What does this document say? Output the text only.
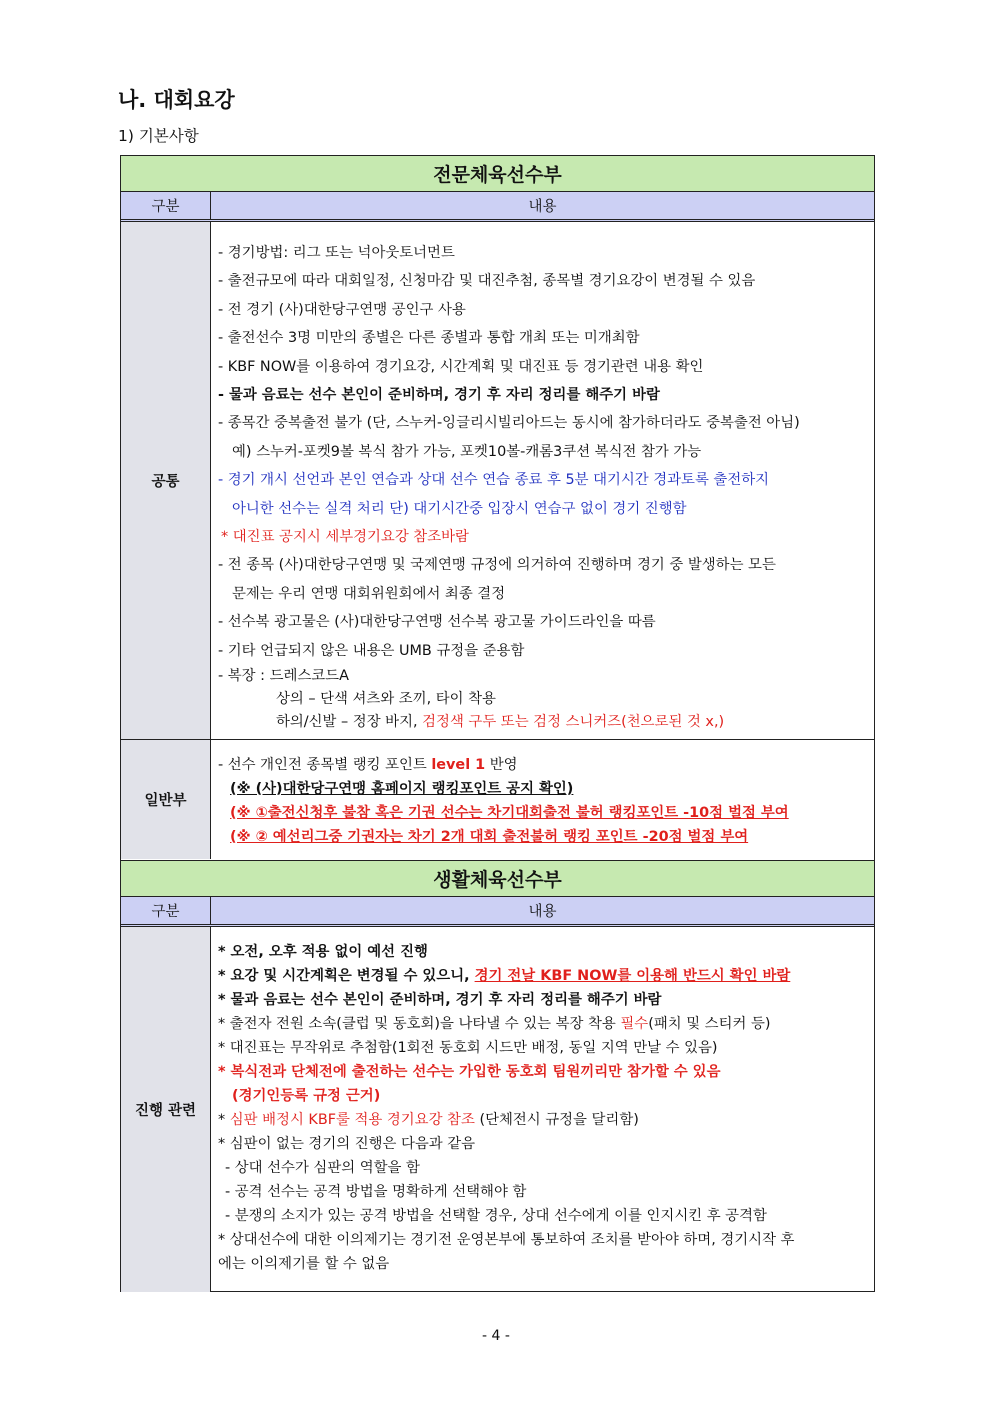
나. 대회요강
1) 기본사항
전문체육선수부
구분	내용
공통
- 경기방법: 리그 또는 넉아웃토너먼트
- 출전규모에 따라 대회일정, 신청마감 및 대진추첨, 종목별 경기요강이 변경될 수 있음
- 전 경기 (사)대한당구연맹 공인구 사용
- 출전선수 3명 미만의 종별은 다른 종별과 통합 개최 또는 미개최함
- KBF NOW를 이용하여 경기요강, 시간계획 및 대진표 등 경기관련 내용 확인
- 물과 음료는 선수 본인이 준비하며, 경기 후 자리 정리를 해주기 바람
- 종목간 중복출전 불가 (단, 스누커-잉글리시빌리아드는 동시에 참가하더라도 중복출전 아님)
예) 스누커-포켓9볼 복식 참가 가능, 포켓10볼-캐롬3쿠션 복식전 참가 가능
- 경기 개시 선언과 본인 연습과 상대 선수 연습 종료 후 5분 대기시간 경과토록 출전하지
아니한 선수는 실격 처리 단) 대기시간중 입장시 연습구 없이 경기 진행함
* 대진표 공지시 세부경기요강 참조바람
- 전 종목 (사)대한당구연맹 및 국제연맹 규정에 의거하여 진행하며 경기 중 발생하는 모든
문제는 우리 연맹 대회위원회에서 최종 결정
- 선수복 광고물은 (사)대한당구연맹 선수복 광고물 가이드라인을 따름
- 기타 언급되지 않은 내용은 UMB 규정을 준용함
- 복장 : 드레스코드A
상의 – 단색 셔츠와 조끼, 타이 착용
하의/신발 – 정장 바지, 검정색 구두 또는 검정 스니커즈(천으로된 것 x,)
일반부
- 선수 개인전 종목별 랭킹 포인트 level 1 반영
(※ (사)대한당구연맹 홈페이지 랭킹포인트 공지 확인)
(※ ①출전신청후 불참 혹은 기권 선수는 차기대회출전 불허 랭킹포인트 -10점 벌점 부여
(※ ② 예선리그중 기권자는 차기 2개 대회 출전불허 랭킹 포인트 -20점 벌점 부여
생활체육선수부
구분	내용
진행 관련
* 오전, 오후 적용 없이 예선 진행
* 요강 및 시간계획은 변경될 수 있으니, 경기 전날 KBF NOW를 이용해 반드시 확인 바람
* 물과 음료는 선수 본인이 준비하며, 경기 후 자리 정리를 해주기 바람
* 출전자 전원 소속(클럽 및 동호회)을 나타낼 수 있는 복장 착용 필수(패치 및 스티커 등)
* 대진표는 무작위로 추첨함(1회전 동호회 시드만 배정, 동일 지역 만날 수 있음)
* 복식전과 단체전에 출전하는 선수는 가입한 동호회 팀원끼리만 참가할 수 있음
(경기인등록 규정 근거)
* 심판 배정시 KBF룰 적용 경기요강 참조 (단체전시 규정을 달리함)
* 심판이 없는 경기의 진행은 다음과 같음
- 상대 선수가 심판의 역할을 함
- 공격 선수는 공격 방법을 명확하게 선택해야 함
- 분쟁의 소지가 있는 공격 방법을 선택할 경우, 상대 선수에게 이를 인지시킨 후 공격함
* 상대선수에 대한 이의제기는 경기전 운영본부에 통보하여 조치를 받아야 하며, 경기시작 후
에는 이의제기를 할 수 없음
- 4 -
